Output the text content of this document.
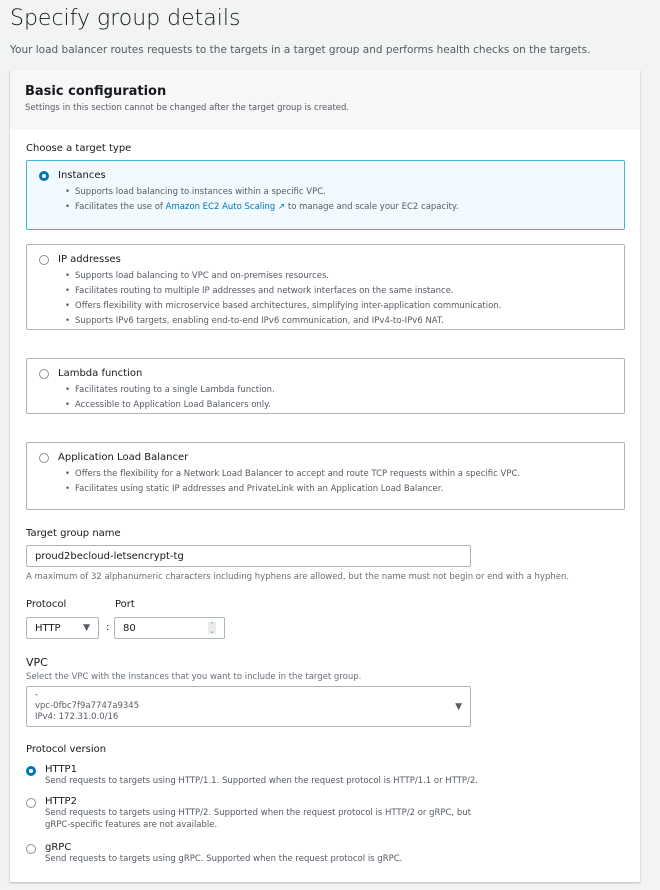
Specify group details
Your load balancer routes requests to the targets in a target group and performs health checks on the targets.
Basic configuration

Settings in this section cannot be changed after the target group is created.

Choose a target type
Instances
• Supports load balancing to instances within a specific VPC.
• Facilitates the use of Amazon EC2 Auto Scaling ↗ to manage and scale your EC2 capacity.
IP addresses
• Supports load balancing to VPC and on-premises resources.
• Facilitates routing to multiple IP addresses and network interfaces on the same instance.
• Offers flexibility with microservice based architectures, simplifying inter-application communication.
• Supports IPv6 targets, enabling end-to-end IPv6 communication, and IPv4-to-IPv6 NAT.
Lambda function
• Facilitates routing to a single Lambda function.
• Accessible to Application Load Balancers only.
Application Load Balancer
• Offers the flexibility for a Network Load Balancer to accept and route TCP requests within a specific VPC.
• Facilitates using static IP addresses and PrivateLink with an Application Load Balancer.
Target group name
proud2becloud-letsencrypt-tg
A maximum of 32 alphanumeric characters including hyphens are allowed, but the name must not begin or end with a hyphen.
Protocol	Port
HTTP ▼ : 80	⌃
⌄
VPC
Select the VPC with the instances that you want to include in the target group.
-
vpc-0fbc7f9a7747a9345
IPv4: 172.31.0.0/16
▼
Protocol version
HTTP1
Send requests to targets using HTTP/1.1. Supported when the request protocol is HTTP/1.1 or HTTP/2.
HTTP2
Send requests to targets using HTTP/2. Supported when the request protocol is HTTP/2 or gRPC, but
gRPC-specific features are not available.
gRPC
Send requests to targets using gRPC. Supported when the request protocol is gRPC.
